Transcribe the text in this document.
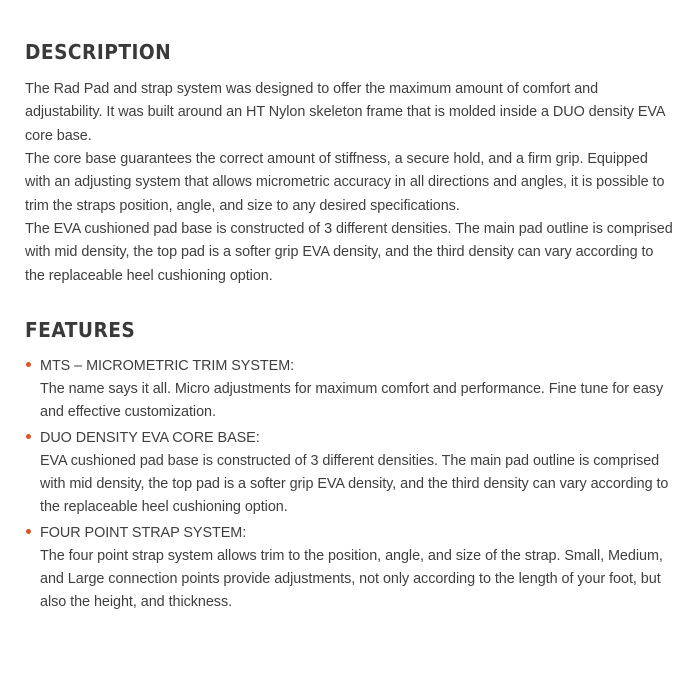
DESCRIPTION

The Rad Pad and strap system was designed to offer the maximum amount of comfort and adjustability. It was built around an HT Nylon skeleton frame that is molded inside a DUO density EVA core base.

The core base guarantees the correct amount of stiffness, a secure hold, and a firm grip. Equipped with an adjusting system that allows micrometric accuracy in all directions and angles, it is possible to trim the straps position, angle, and size to any desired specifications.

The EVA cushioned pad base is constructed of 3 different densities. The main pad outline is comprised with mid density, the top pad is a softer grip EVA density, and the third density can vary according to the replaceable heel cushioning option.

FEATURES
MTS – MICROMETRIC TRIM SYSTEM:
The name says it all. Micro adjustments for maximum comfort and performance. Fine tune for easy and effective customization.
DUO DENSITY EVA CORE BASE:
EVA cushioned pad base is constructed of 3 different densities. The main pad outline is comprised with mid density, the top pad is a softer grip EVA density, and the third density can vary according to the replaceable heel cushioning option.
FOUR POINT STRAP SYSTEM:
The four point strap system allows trim to the position, angle, and size of the strap. Small, Medium, and Large connection points provide adjustments, not only according to the length of your foot, but also the height, and thickness.
